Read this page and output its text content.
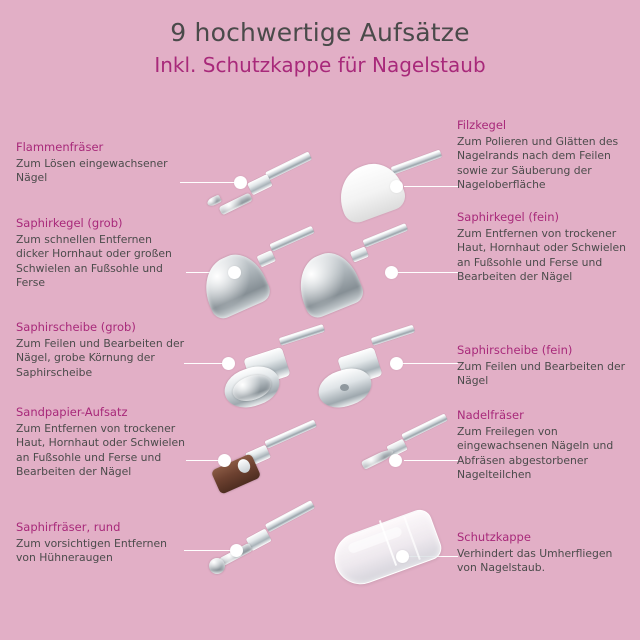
9 hochwertige Aufsätze
Inkl. Schutzkappe für Nagelstaub
Flammenfräser
Zum Lösen eingewachsener Nägel
Filzkegel
Zum Polieren und Glätten des Nagelrands nach dem Feilen sowie zur Säuberung der Nageloberfläche
Saphirkegel (grob)
Zum schnellen Entfernen dicker Hornhaut oder großen Schwielen an Fußsohle und Ferse
Saphirkegel (fein)
Zum Entfernen von trockener Haut, Hornhaut oder Schwielen an Fußsohle und Ferse und Bearbeiten der Nägel
Saphirscheibe (grob)
Zum Feilen und Bearbeiten der Nägel, grobe Körnung der Saphirscheibe
Saphirscheibe (fein)
Zum Feilen und Bearbeiten der Nägel
Sandpapier-Aufsatz
Zum Entfernen von trockener Haut, Hornhaut oder Schwielen an Fußsohle und Ferse und Bearbeiten der Nägel
Nadelfräser
Zum Freilegen von eingewachsenen Nägeln und Abfräsen abgestorbener Nagelteilchen
Saphirfräser, rund
Zum vorsichtigen Entfernen von Hühneraugen
Schutzkappe
Verhindert das Umherfliegen von Nagelstaub.
